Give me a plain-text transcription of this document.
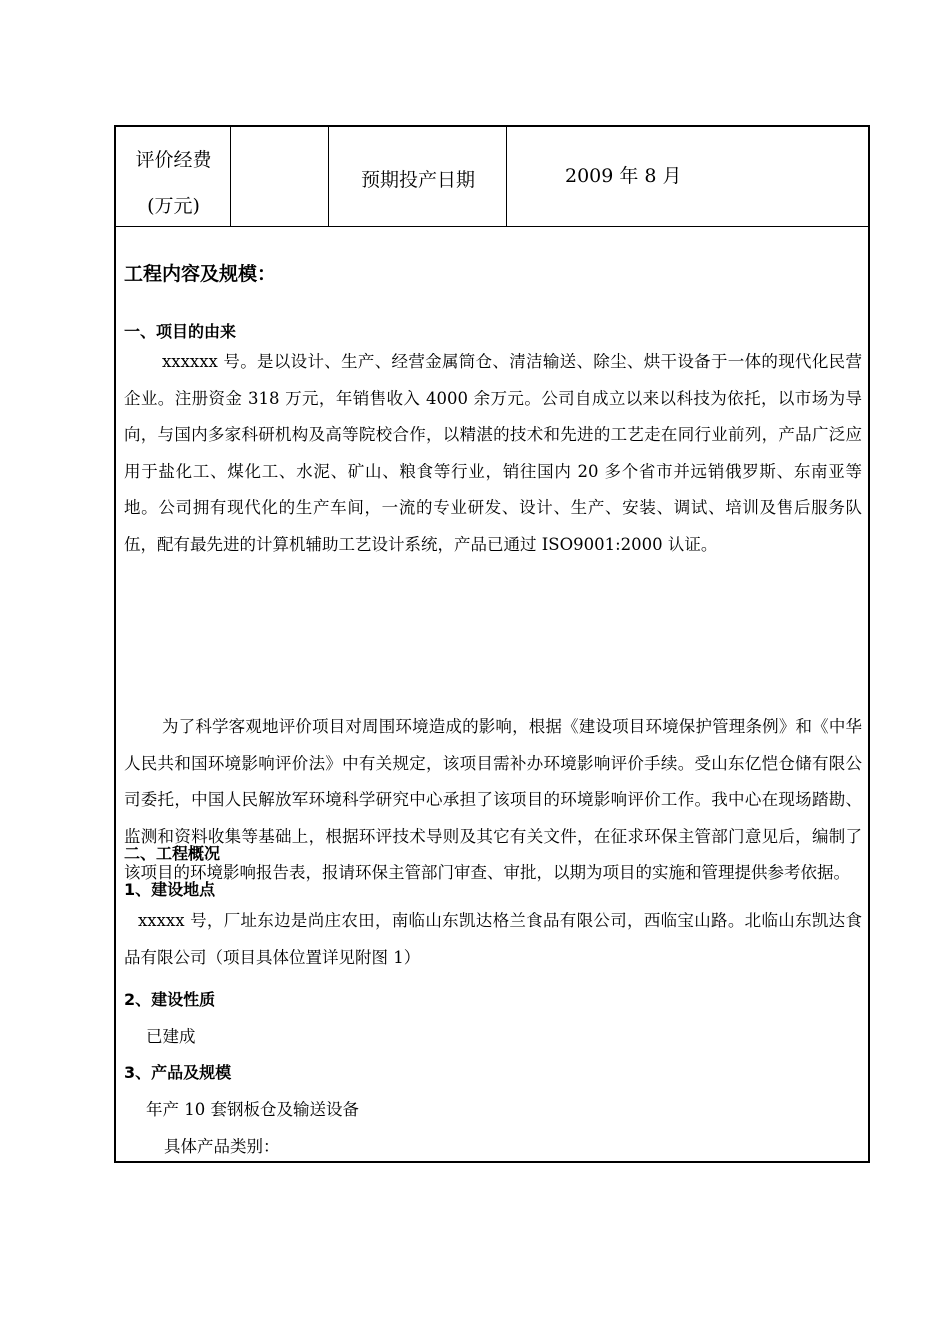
评价经费
(万元)
预期投产日期	2009 年 8 月
工程内容及规模：
一、项目的由来
xxxxxx 号。是以设计、生产、经营金属筒仓、清洁输送、除尘、烘干设备于一体的现代化民营企业。注册资金 318 万元，年销售收入 4000 余万元。公司自成立以来以科技为依托，以市场为导向，与国内多家科研机构及高等院校合作，以精湛的技术和先进的工艺走在同行业前列，产品广泛应用于盐化工、煤化工、水泥、矿山、粮食等行业，销往国内 20 多个省市并远销俄罗斯、东南亚等地。公司拥有现代化的生产车间，一流的专业研发、设计、生产、安装、调试、培训及售后服务队伍，配有最先进的计算机辅助工艺设计系统，产品已通过 ISO9001:2000 认证。
为了科学客观地评价项目对周围环境造成的影响，根据《建设项目环境保护管理条例》和《中华人民共和国环境影响评价法》中有关规定，该项目需补办环境影响评价手续。受山东亿恺仓储有限公司委托，中国人民解放军环境科学研究中心承担了该项目的环境影响评价工作。我中心在现场踏勘、监测和资料收集等基础上，根据环评技术导则及其它有关文件，在征求环保主管部门意见后，编制了该项目的环境影响报告表，报请环保主管部门审查、审批，以期为项目的实施和管理提供参考依据。
二、工程概况
1、建设地点
xxxxx 号，厂址东边是尚庄农田，南临山东凯达格兰食品有限公司，西临宝山路。北临山东凯达食品有限公司（项目具体位置详见附图 1）
2、建设性质
已建成
3、产品及规模
年产 10 套钢板仓及输送设备
具体产品类别：
